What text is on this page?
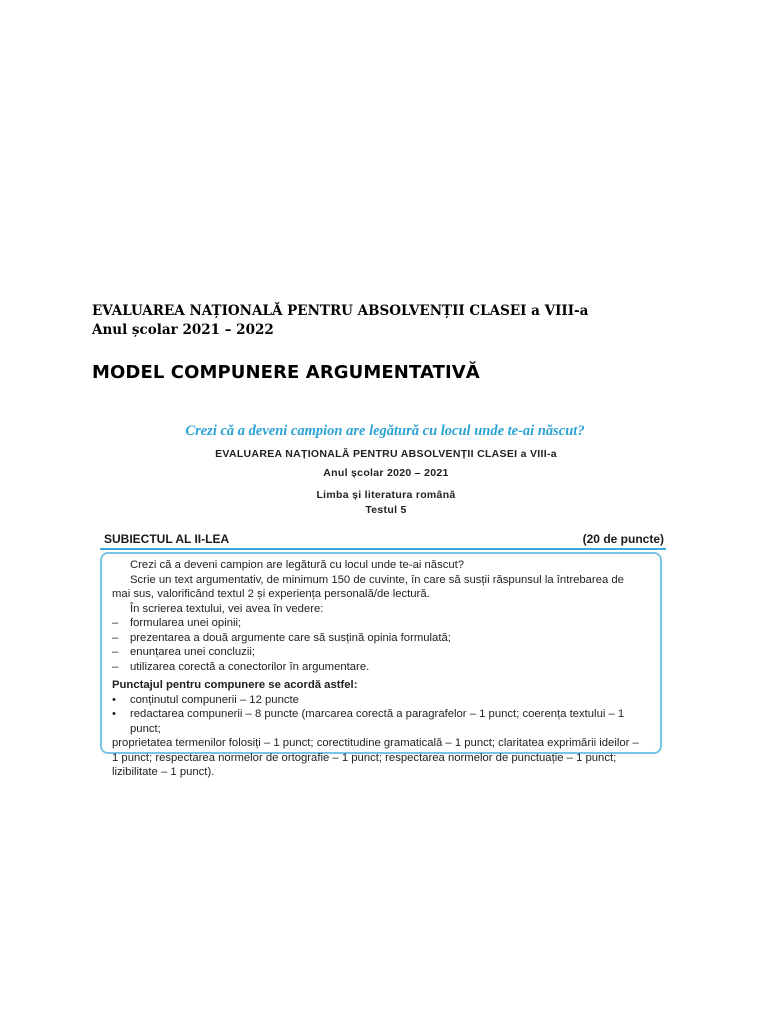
EVALUAREA NAȚIONALĂ PENTRU ABSOLVENȚII CLASEI a VIII-a
Anul școlar 2021 – 2022
MODEL COMPUNERE ARGUMENTATIVĂ
Crezi că a deveni campion are legătură cu locul unde te-ai născut?
EVALUAREA NAȚIONALĂ PENTRU ABSOLVENȚII CLASEI a VIII-a
Anul școlar 2020 – 2021
Limba și literatura română
Testul 5
SUBIECTUL AL II-LEA	(20 de puncte)

Crezi că a deveni campion are legătură cu locul unde te-ai născut?

Scrie un text argumentativ, de minimum 150 de cuvinte, în care să susții răspunsul la întrebarea de

mai sus, valorificând textul 2 și experiența personală/de lectură.

În scrierea textului, vei avea în vedere:

– formularea unei opinii;

– prezentarea a două argumente care să susțină opinia formulată;

– enunțarea unei concluzii;

– utilizarea corectă a conectorilor în argumentare.

Punctajul pentru compunere se acordă astfel:

• conținutul compunerii – 12 puncte

• redactarea compunerii – 8 puncte (marcarea corectă a paragrafelor – 1 punct; coerența textului – 1 punct;

proprietatea termenilor folosiți – 1 punct; corectitudine gramaticală – 1 punct; claritatea exprimării ideilor –

1 punct; respectarea normelor de ortografie – 1 punct; respectarea normelor de punctuație – 1 punct;

lizibilitate – 1 punct).
